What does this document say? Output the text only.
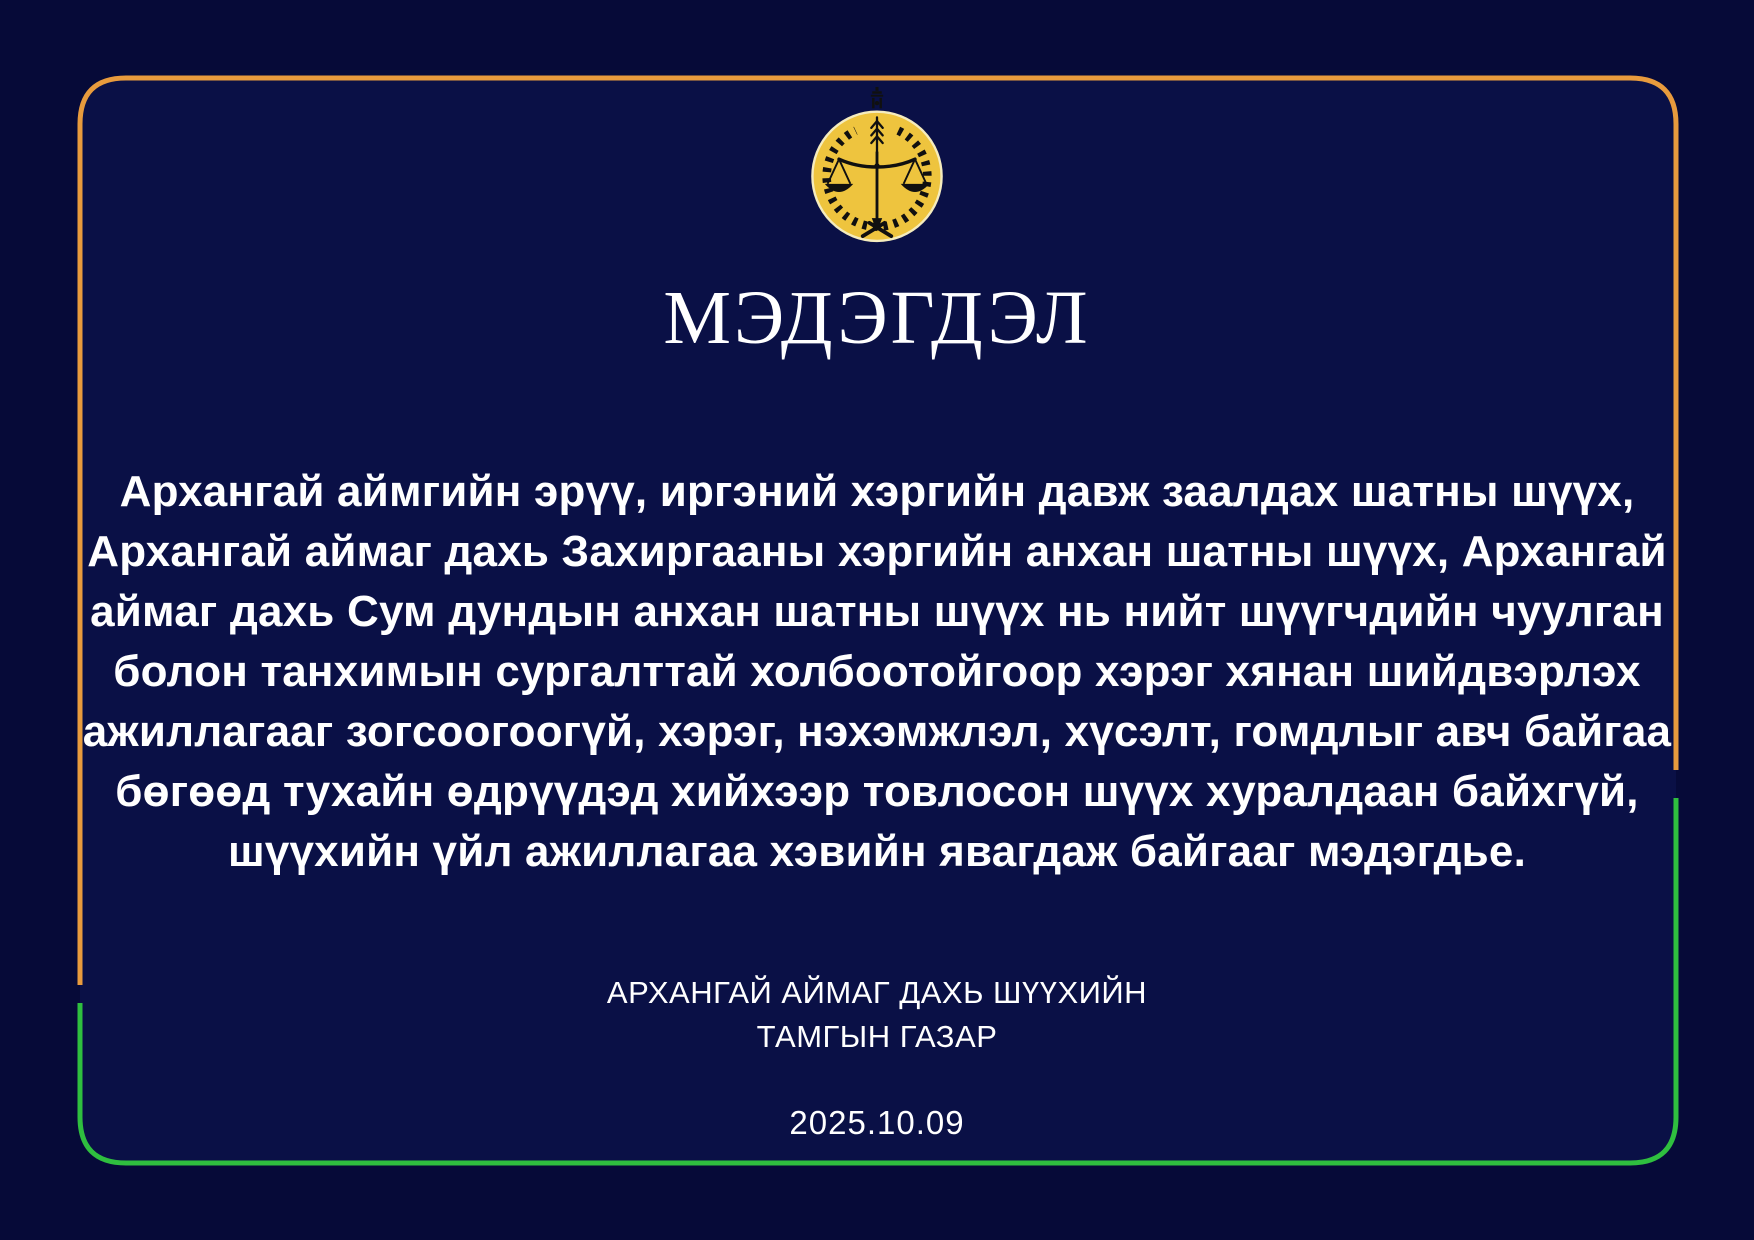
МЭДЭГДЭЛ
Архангай аймгийн эрүү, иргэний хэргийн давж заалдах шатны шүүх,
Архангай аймаг дахь Захиргааны хэргийн анхан шатны шүүх, Архангай
аймаг дахь Сум дундын анхан шатны шүүх нь нийт шүүгчдийн чуулган
болон танхимын сургалттай холбоотойгоор хэрэг хянан шийдвэрлэх
ажиллагааг зогсоогоогүй, хэрэг, нэхэмжлэл, хүсэлт, гомдлыг авч байгаа
бөгөөд тухайн өдрүүдэд хийхээр товлосон шүүх хуралдаан байхгүй,
шүүхийн үйл ажиллагаа хэвийн явагдаж байгааг мэдэгдье.
АРХАНГАЙ АЙМАГ ДАХЬ ШҮҮХИЙН
ТАМГЫН ГАЗАР
2025.10.09
